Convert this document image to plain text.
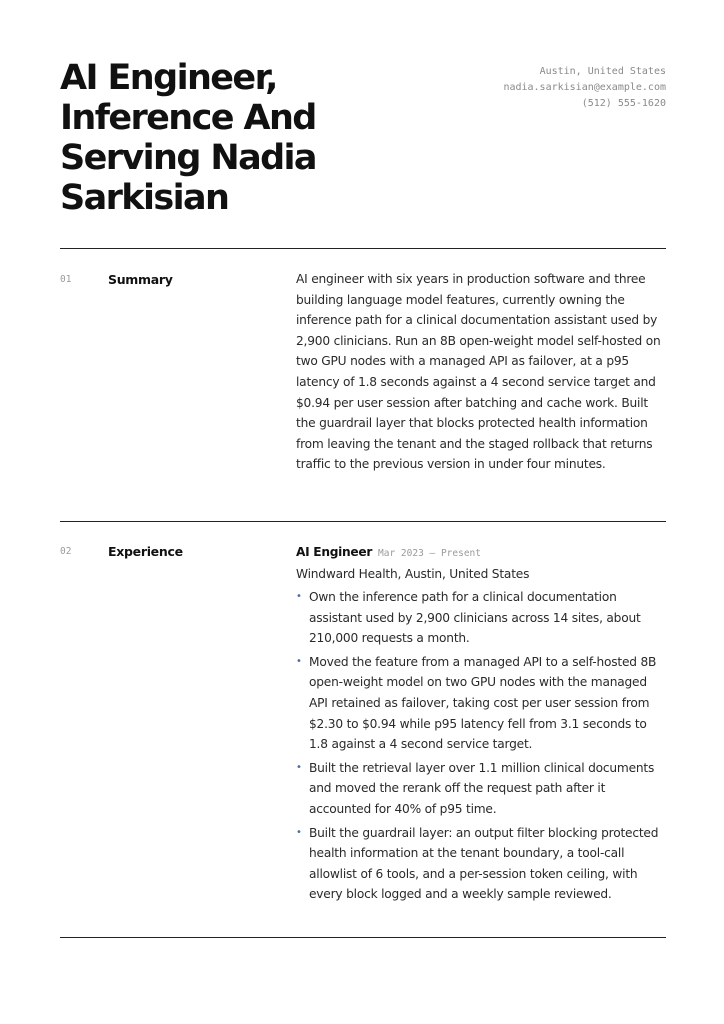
AI Engineer, Inference And Serving Nadia Sarkisian
Austin, United States
nadia.sarkisian@example.com
(512) 555-1620
01	Summary	AI engineer with six years in production software and three building language model features, currently owning the inference path for a clinical documentation assistant used by 2,900 clinicians. Run an 8B open-weight model self-hosted on two GPU nodes with a managed API as failover, at a p95 latency of 1.8 seconds against a 4 second service target and $0.94 per user session after batching and cache work. Built the guardrail layer that blocks protected health information from leaving the tenant and the staged rollback that returns traffic to the previous version in under four minutes.

02	Experience	AI Engineer Mar 2023 — Present
Windward Health, Austin, United States
• Own the inference path for a clinical documentation assistant used by 2,900 clinicians across 14 sites, about 210,000 requests a month.
• Moved the feature from a managed API to a self-hosted 8B open-weight model on two GPU nodes with the managed API retained as failover, taking cost per user session from $2.30 to $0.94 while p95 latency fell from 3.1 seconds to 1.8 against a 4 second service target.
• Built the retrieval layer over 1.1 million clinical documents and moved the rerank off the request path after it accounted for 40% of p95 time.
• Built the guardrail layer: an output filter blocking protected health information at the tenant boundary, a tool-call allowlist of 6 tools, and a per-session token ceiling, with every block logged and a weekly sample reviewed.
